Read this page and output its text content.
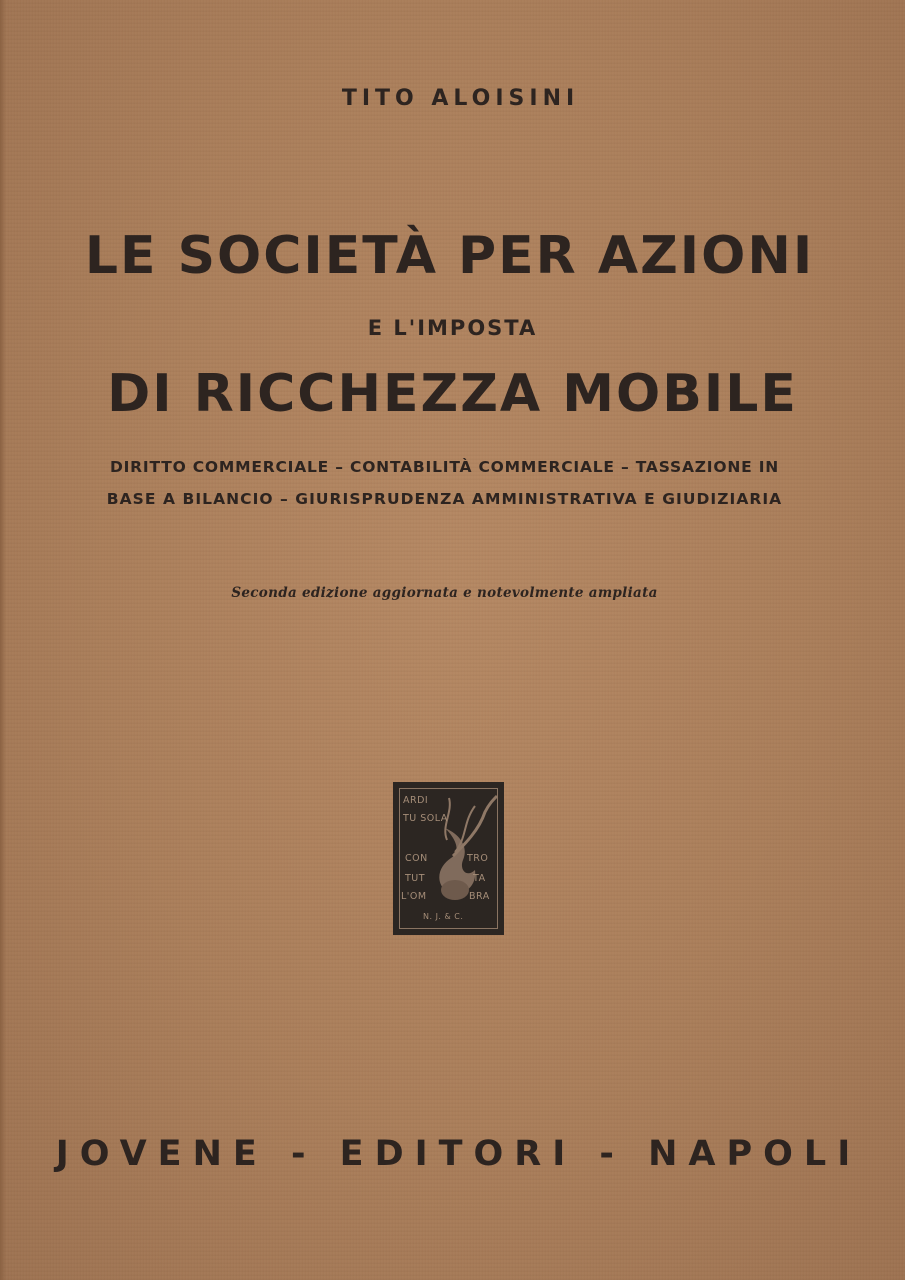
TITO ALOISINI
LE SOCIETÀ PER AZIONI
E L'IMPOSTA
DI RICCHEZZA MOBILE
DIRITTO COMMERCIALE – CONTABILITÀ COMMERCIALE – TASSAZIONE IN
BASE A BILANCIO – GIURISPRUDENZA AMMINISTRATIVA E GIUDIZIARIA
Seconda edizione aggiornata e notevolmente ampliata
ARDI
TU SOLA
CON	TRO
TUT	TA
L'OM	BRA
N. J. & C.
JOVENE - EDITORI - NAPOLI
